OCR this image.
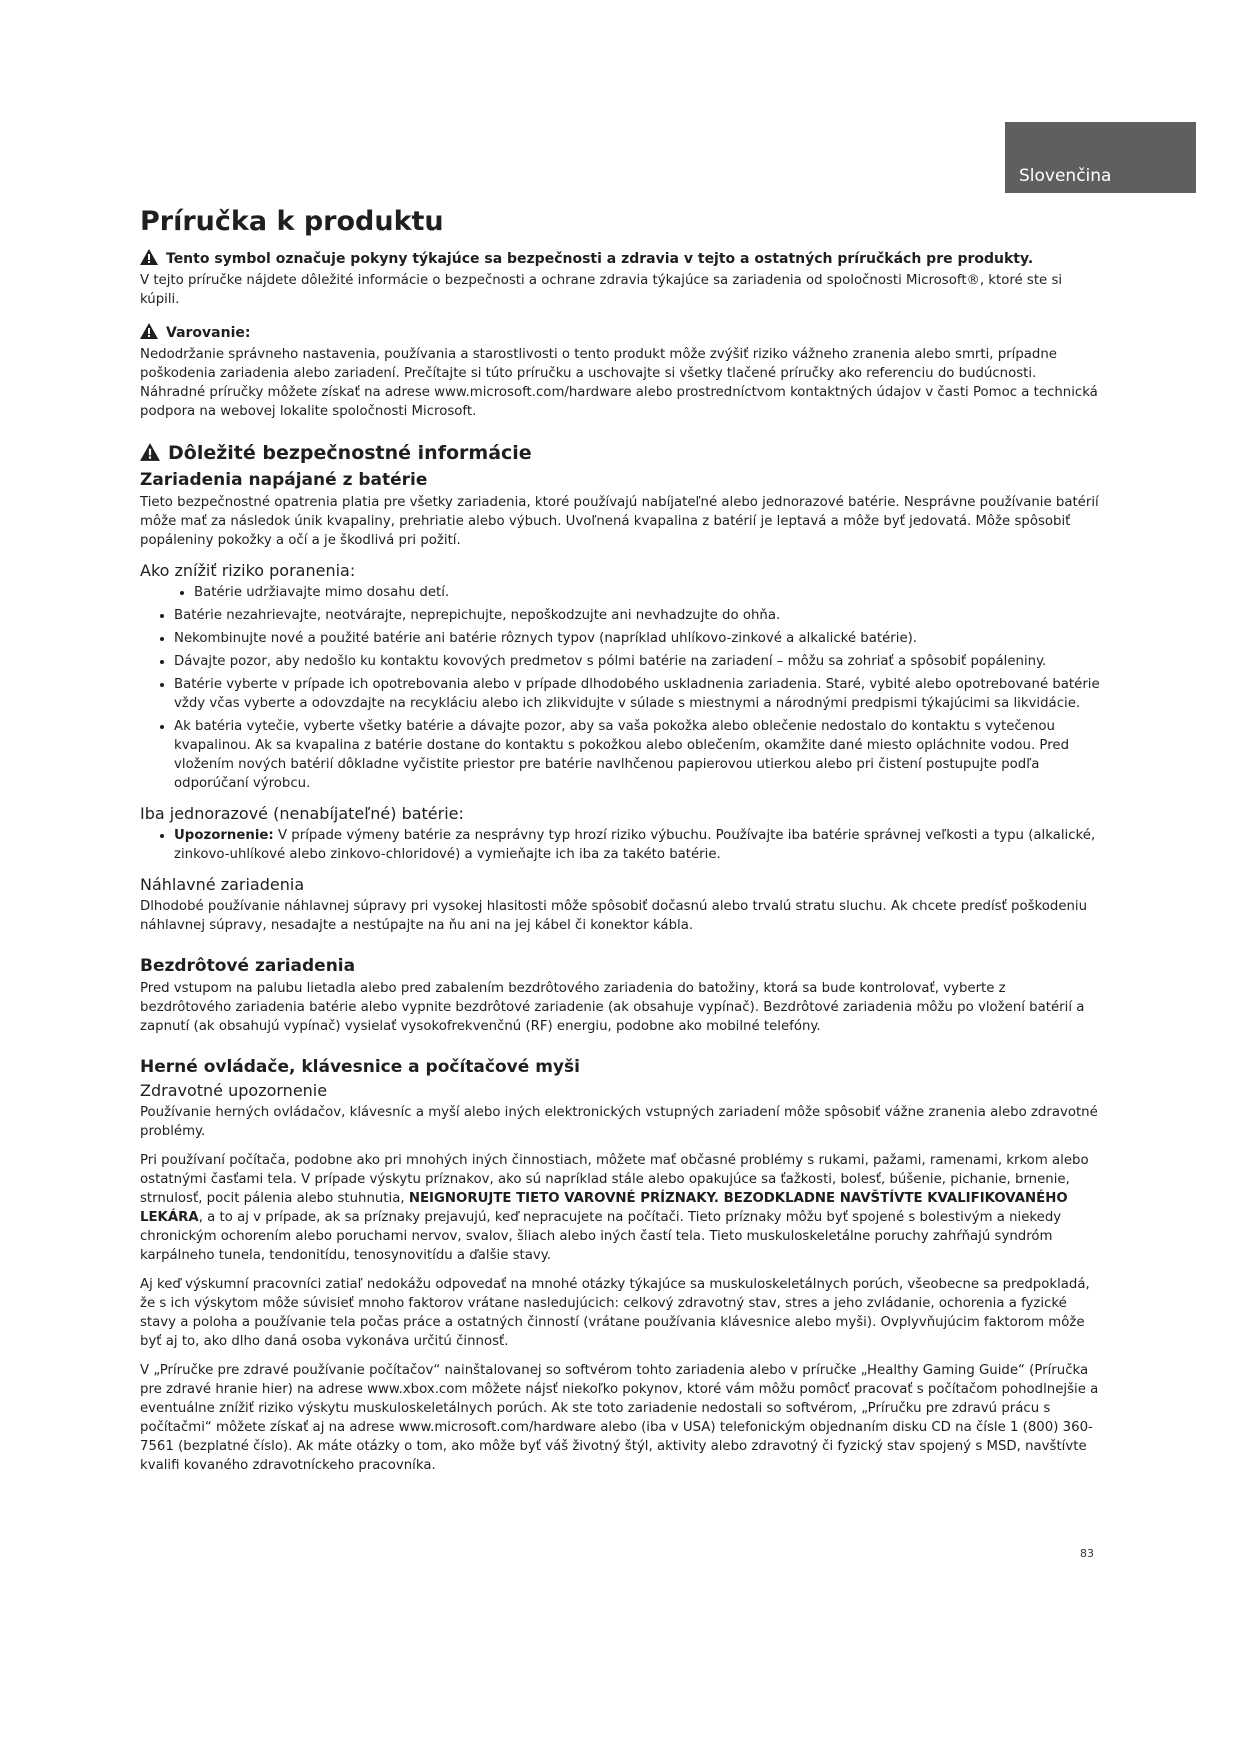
Slovenčina
Príručka k produktu

Tento symbol označuje pokyny týkajúce sa bezpečnosti a zdravia v tejto a ostatných príručkách pre produkty.

V tejto príručke nájdete dôležité informácie o bezpečnosti a ochrane zdravia týkajúce sa zariadenia od spoločnosti Microsoft®, ktoré ste si kúpili.

Varovanie:

Nedodržanie správneho nastavenia, používania a starostlivosti o tento produkt môže zvýšiť riziko vážneho zranenia alebo smrti, prípadne poškodenia zariadenia alebo zariadení. Prečítajte si túto príručku a uschovajte si všetky tlačené príručky ako referenciu do budúcnosti. Náhradné príručky môžete získať na adrese www.microsoft.com/hardware alebo prostredníctvom kontaktných údajov v časti Pomoc a technická podpora na webovej lokalite spoločnosti Microsoft.

Dôležité bezpečnostné informácie
Zariadenia napájané z batérie

Tieto bezpečnostné opatrenia platia pre všetky zariadenia, ktoré používajú nabíjateľné alebo jednorazové batérie. Nesprávne používanie batérií môže mať za následok únik kvapaliny, prehriatie alebo výbuch. Uvoľnená kvapalina z batérií je leptavá a môže byť jedovatá. Môže spôsobiť popáleniny pokožky a očí a je škodlivá pri požití.

Ako znížiť riziko poranenia:
• Batérie udržiavajte mimo dosahu detí.
• Batérie nezahrievajte, neotvárajte, neprepichujte, nepoškodzujte ani nevhadzujte do ohňa.
• Nekombinujte nové a použité batérie ani batérie rôznych typov (napríklad uhlíkovo-zinkové a alkalické batérie).
• Dávajte pozor, aby nedošlo ku kontaktu kovových predmetov s pólmi batérie na zariadení – môžu sa zohriať a spôsobiť popáleniny.
• Batérie vyberte v prípade ich opotrebovania alebo v prípade dlhodobého uskladnenia zariadenia. Staré, vybité alebo opotrebované batérie vždy včas vyberte a odovzdajte na recykláciu alebo ich zlikvidujte v súlade s miestnymi a národnými predpismi týkajúcimi sa likvidácie.
• Ak batéria vytečie, vyberte všetky batérie a dávajte pozor, aby sa vaša pokožka alebo oblečenie nedostalo do kontaktu s vytečenou kvapalinou. Ak sa kvapalina z batérie dostane do kontaktu s pokožkou alebo oblečením, okamžite dané miesto opláchnite vodou. Pred vložením nových batérií dôkladne vyčistite priestor pre batérie navlhčenou papierovou utierkou alebo pri čistení postupujte podľa odporúčaní výrobcu.
Iba jednorazové (nenabíjateľné) batérie:
• Upozornenie: V prípade výmeny batérie za nesprávny typ hrozí riziko výbuchu. Používajte iba batérie správnej veľkosti a typu (alkalické, zinkovo-uhlíkové alebo zinkovo-chloridové) a vymieňajte ich iba za takéto batérie.
Náhlavné zariadenia

Dlhodobé používanie náhlavnej súpravy pri vysokej hlasitosti môže spôsobiť dočasnú alebo trvalú stratu sluchu. Ak chcete predísť poškodeniu náhlavnej súpravy, nesadajte a nestúpajte na ňu ani na jej kábel či konektor kábla.

Bezdrôtové zariadenia

Pred vstupom na palubu lietadla alebo pred zabalením bezdrôtového zariadenia do batožiny, ktorá sa bude kontrolovať, vyberte z bezdrôtového zariadenia batérie alebo vypnite bezdrôtové zariadenie (ak obsahuje vypínač). Bezdrôtové zariadenia môžu po vložení batérií a zapnutí (ak obsahujú vypínač) vysielať vysokofrekvenčnú (RF) energiu, podobne ako mobilné telefóny.

Herné ovládače, klávesnice a počítačové myši
Zdravotné upozornenie

Používanie herných ovládačov, klávesníc a myší alebo iných elektronických vstupných zariadení môže spôsobiť vážne zranenia alebo zdravotné problémy.

Pri používaní počítača, podobne ako pri mnohých iných činnostiach, môžete mať občasné problémy s rukami, pažami, ramenami, krkom alebo ostatnými časťami tela. V prípade výskytu príznakov, ako sú napríklad stále alebo opakujúce sa ťažkosti, bolesť, búšenie, pichanie, brnenie, strnulosť, pocit pálenia alebo stuhnutia, NEIGNORUJTE TIETO VAROVNÉ PRÍZNAKY. BEZODKLADNE NAVŠTÍVTE KVALIFIKOVANÉHO LEKÁRA, a to aj v prípade, ak sa príznaky prejavujú, keď nepracujete na počítači. Tieto príznaky môžu byť spojené s bolestivým a niekedy chronickým ochorením alebo poruchami nervov, svalov, šliach alebo iných častí tela. Tieto muskuloskeletálne poruchy zahŕňajú syndróm karpálneho tunela, tendonitídu, tenosynovitídu a ďalšie stavy.

Aj keď výskumní pracovníci zatiaľ nedokážu odpovedať na mnohé otázky týkajúce sa muskuloskeletálnych porúch, všeobecne sa predpokladá, že s ich výskytom môže súvisieť mnoho faktorov vrátane nasledujúcich: celkový zdravotný stav, stres a jeho zvládanie, ochorenia a fyzické stavy a poloha a používanie tela počas práce a ostatných činností (vrátane používania klávesnice alebo myši). Ovplyvňujúcim faktorom môže byť aj to, ako dlho daná osoba vykonáva určitú činnosť.

V „Príručke pre zdravé používanie počítačov“ nainštalovanej so softvérom tohto zariadenia alebo v príručke „Healthy Gaming Guide“ (Príručka pre zdravé hranie hier) na adrese www.xbox.com môžete nájsť niekoľko pokynov, ktoré vám môžu pomôcť pracovať s počítačom pohodlnejšie a eventuálne znížiť riziko výskytu muskuloskeletálnych porúch. Ak ste toto zariadenie nedostali so softvérom, „Príručku pre zdravú prácu s počítačmi“ môžete získať aj na adrese www.microsoft.com/hardware alebo (iba v USA) telefonickým objednaním disku CD na čísle 1 (800) 360-7561 (bezplatné číslo). Ak máte otázky o tom, ako môže byť váš životný štýl, aktivity alebo zdravotný či fyzický stav spojený s MSD, navštívte kvalifi kovaného zdravotníckeho pracovníka.

83
